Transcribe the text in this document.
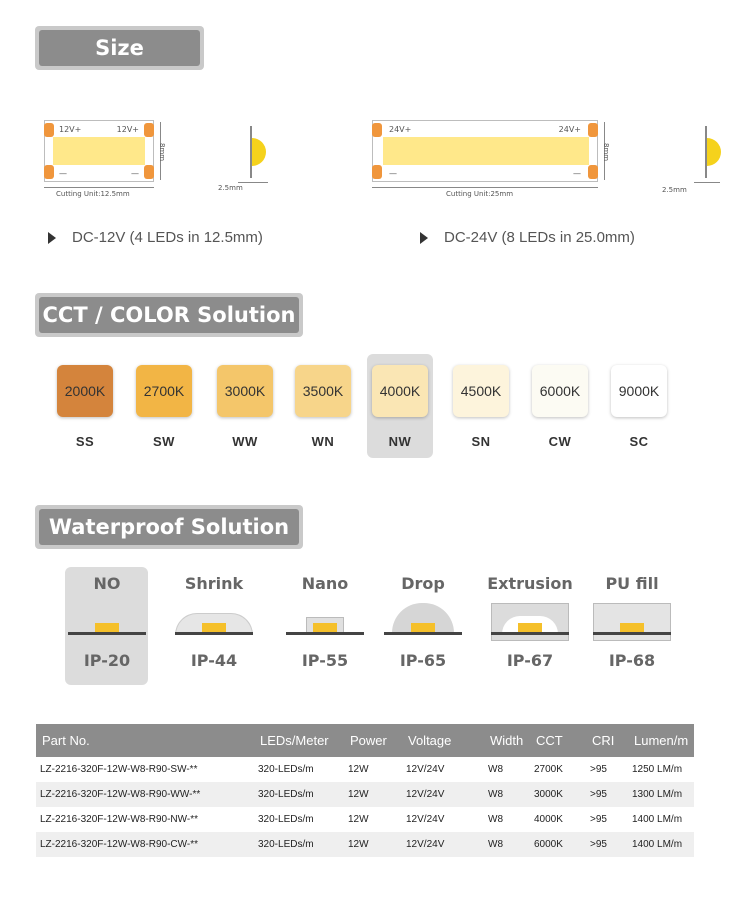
Size
12V+	12V+
—	—
8mm
Cutting Unit:12.5mm
2.5mm
24V+	24V+
—	—
8mm
Cutting Unit:25mm	2.5mm
DC-12V (4 LEDs in 12.5mm)	DC-24V (8 LEDs in 25.0mm)
CCT / COLOR Solution
2000K
SS
2700K
SW
3000K
WW
3500K
WN
4000K
NW
4500K
SN
6000K
CW
9000K
SC
Waterproof Solution
NO
IP-20
Shrink
IP-44
Nano
IP-55
Drop
IP-65
Extrusion
IP-67
PU fill
IP-68
Part No.	LEDs/Meter	Power	Voltage	Width	CCT	CRI	Lumen/m
LZ-2216-320F-12W-W8-R90-SW-**	320-LEDs/m	12W	12V/24V	W8	2700K	>95	1250 LM/m
LZ-2216-320F-12W-W8-R90-WW-**	320-LEDs/m	12W	12V/24V	W8	3000K	>95	1300 LM/m
LZ-2216-320F-12W-W8-R90-NW-**	320-LEDs/m	12W	12V/24V	W8	4000K	>95	1400 LM/m
LZ-2216-320F-12W-W8-R90-CW-**	320-LEDs/m	12W	12V/24V	W8	6000K	>95	1400 LM/m
